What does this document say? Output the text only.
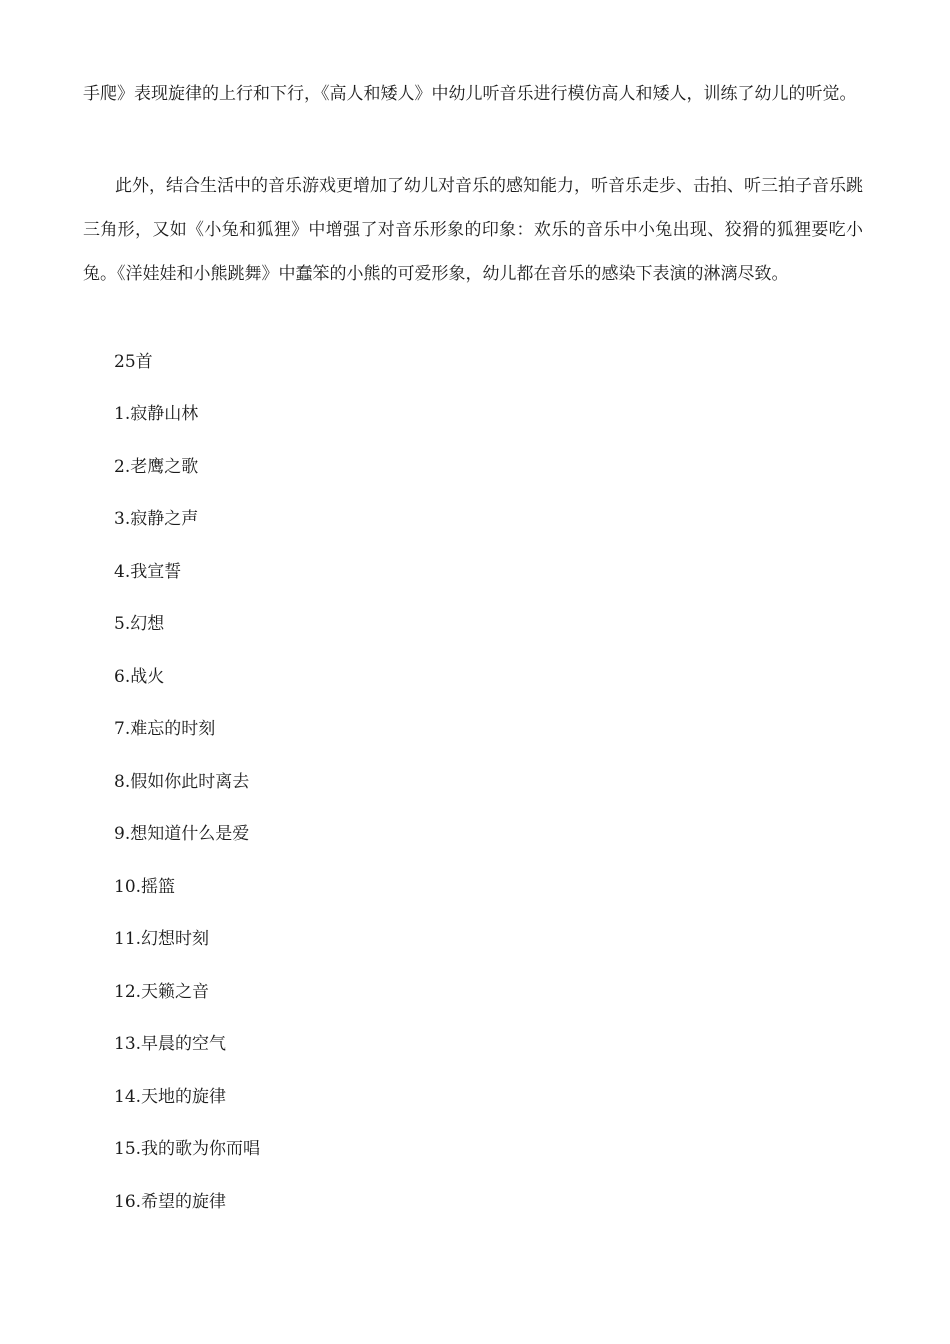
手爬》表现旋律的上行和下行，《高人和矮人》中幼儿听音乐进行模仿高人和矮人，训练了幼儿的听觉。

此外，结合生活中的音乐游戏更增加了幼儿对音乐的感知能力，听音乐走步、击拍、听三拍子音乐跳三角形，又如《小兔和狐狸》中增强了对音乐形象的印象：欢乐的音乐中小兔出现、狡猾的狐狸要吃小兔。《洋娃娃和小熊跳舞》中蠢笨的小熊的可爱形象，幼儿都在音乐的感染下表演的淋漓尽致。

25首

1.寂静山林
2.老鹰之歌
3.寂静之声
4.我宣誓
5.幻想
6.战火
7.难忘的时刻
8.假如你此时离去
9.想知道什么是爱
10.摇篮
11.幻想时刻
12.天籁之音
13.早晨的空气
14.天地的旋律
15.我的歌为你而唱
16.希望的旋律
